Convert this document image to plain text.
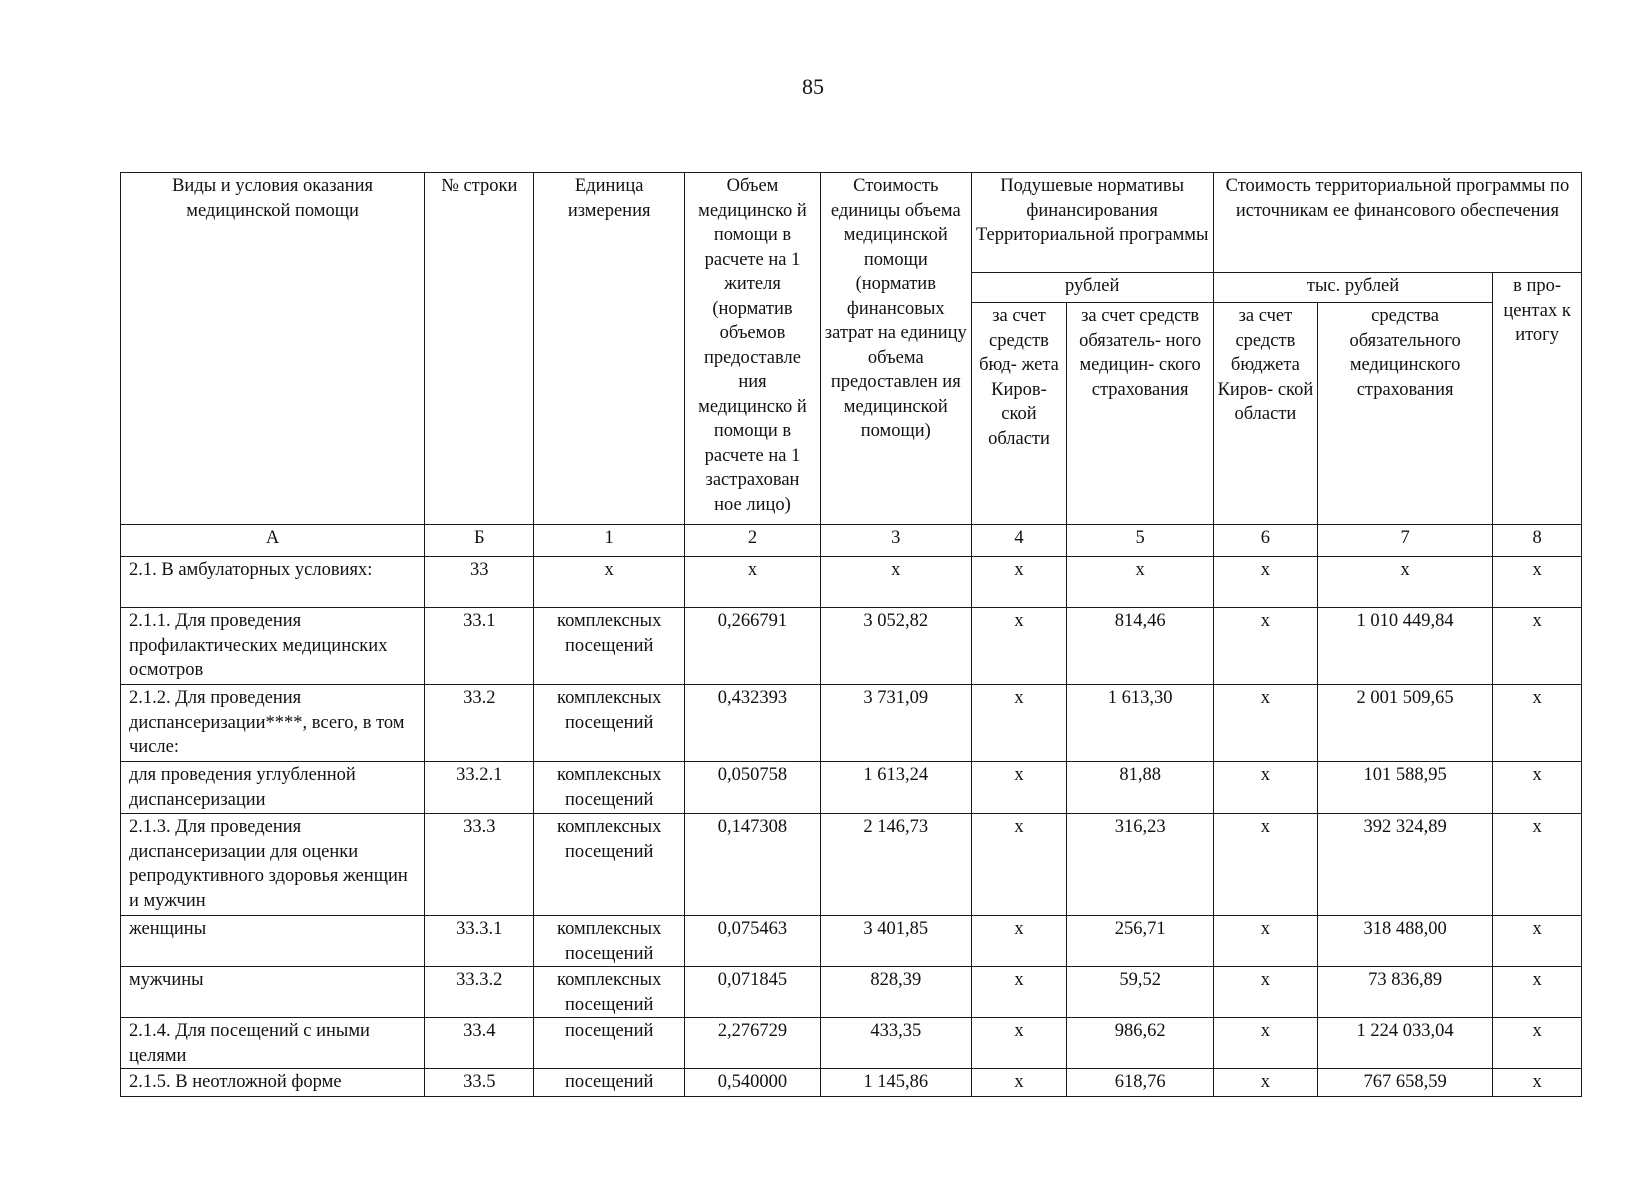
85
Виды и условия оказания медицинской помощи	№ строки	Единица измерения	Объем медицинско й помощи в расчете на 1 жителя (норматив объемов предоставле ния медицинско й помощи в расчете на 1 застрахован ное лицо)	Стоимость единицы объема медицинской помощи (норматив финансовых затрат на единицу объема предоставлен ия медицинской помощи)	Подушевые нормативы финансирования Территориальной программы		Стоимость территориальной программы по источникам ее финансового обеспечения		
					рублей		тыс. рублей		в про- центах к итогу
					за счет средств бюд- жета Киров- ской области	за счет средств обязатель- ного медицин- ского страхования	за счет средств бюджета Киров- ской области	средства обязательного медицинского страхования	
А	Б	1	2	3	4	5	6	7	8
2.1. В амбулаторных условиях:	33	х	х	х	х	х	х	х	х
2.1.1. Для проведения профилактических медицинских осмотров	33.1	комплексных посещений	0,266791	3 052,82	х	814,46	х	1 010 449,84	х
2.1.2. Для проведения диспансеризации****, всего, в том числе:	33.2	комплексных посещений	0,432393	3 731,09	х	1 613,30	х	2 001 509,65	х
для проведения углубленной диспансеризации	33.2.1	комплексных посещений	0,050758	1 613,24	х	81,88	х	101 588,95	х
2.1.3. Для проведения диспансеризации для оценки репродуктивного здоровья женщин и мужчин	33.3	комплексных посещений	0,147308	2 146,73	х	316,23	х	392 324,89	х
женщины	33.3.1	комплексных посещений	0,075463	3 401,85	х	256,71	х	318 488,00	х
мужчины	33.3.2	комплексных посещений	0,071845	828,39	х	59,52	х	73 836,89	х
2.1.4. Для посещений с иными целями	33.4	посещений	2,276729	433,35	х	986,62	х	1 224 033,04	х
2.1.5. В неотложной форме	33.5	посещений	0,540000	1 145,86	х	618,76	х	767 658,59	х
